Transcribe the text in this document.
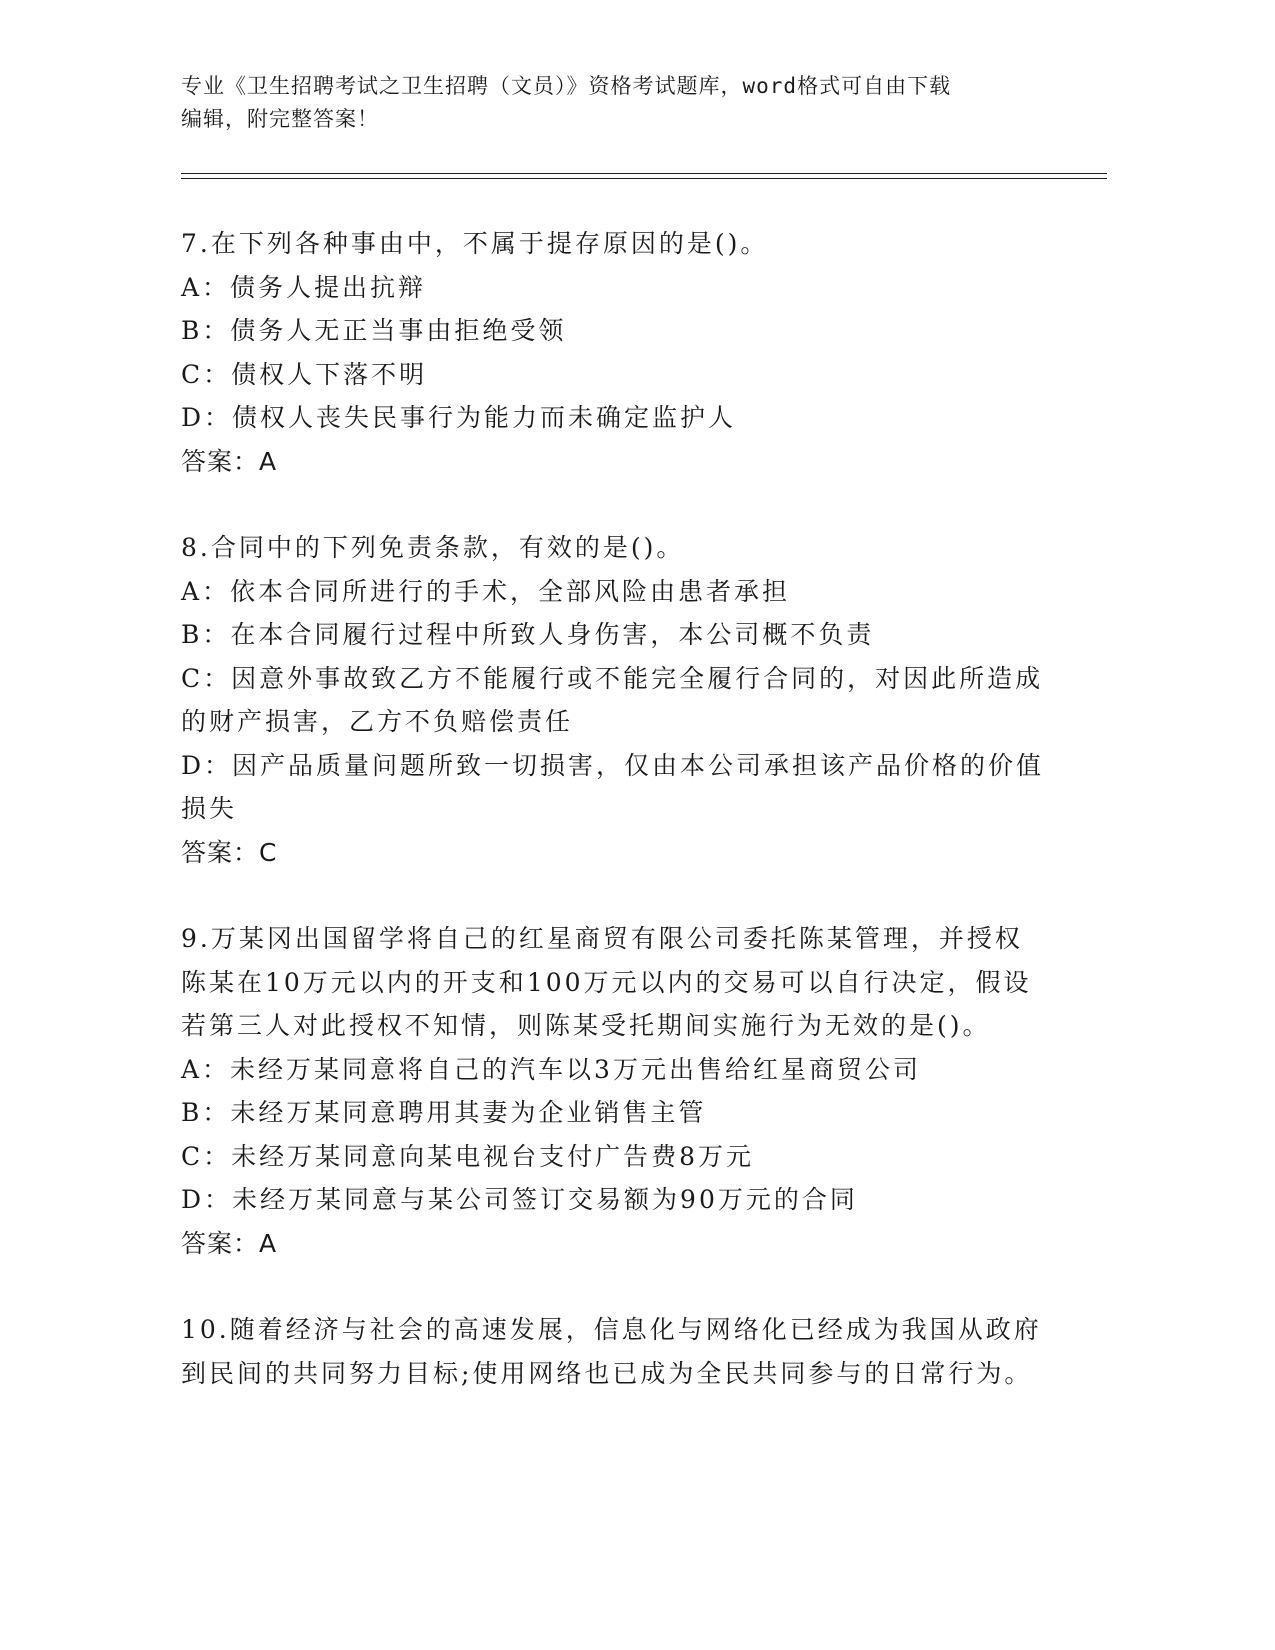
专业《卫生招聘考试之卫生招聘（文员）》资格考试题库，word格式可自由下载
编辑，附完整答案！
7.在下列各种事由中，不属于提存原因的是()。
A：债务人提出抗辩
B：债务人无正当事由拒绝受领
C：债权人下落不明
D：债权人丧失民事行为能力而未确定监护人
答案：A
8.合同中的下列免责条款，有效的是()。
A：依本合同所进行的手术，全部风险由患者承担
B：在本合同履行过程中所致人身伤害，本公司概不负责
C：因意外事故致乙方不能履行或不能完全履行合同的，对因此所造成
的财产损害，乙方不负赔偿责任
D：因产品质量问题所致一切损害，仅由本公司承担该产品价格的价值
损失
答案：C
9.万某冈出国留学将自己的红星商贸有限公司委托陈某管理，并授权
陈某在10万元以内的开支和100万元以内的交易可以自行决定，假设
若第三人对此授权不知情，则陈某受托期间实施行为无效的是()。
A：未经万某同意将自己的汽车以3万元出售给红星商贸公司
B：未经万某同意聘用其妻为企业销售主管
C：未经万某同意向某电视台支付广告费8万元
D：未经万某同意与某公司签订交易额为90万元的合同
答案：A
10.随着经济与社会的高速发展，信息化与网络化已经成为我国从政府
到民间的共同努力目标;使用网络也已成为全民共同参与的日常行为。
